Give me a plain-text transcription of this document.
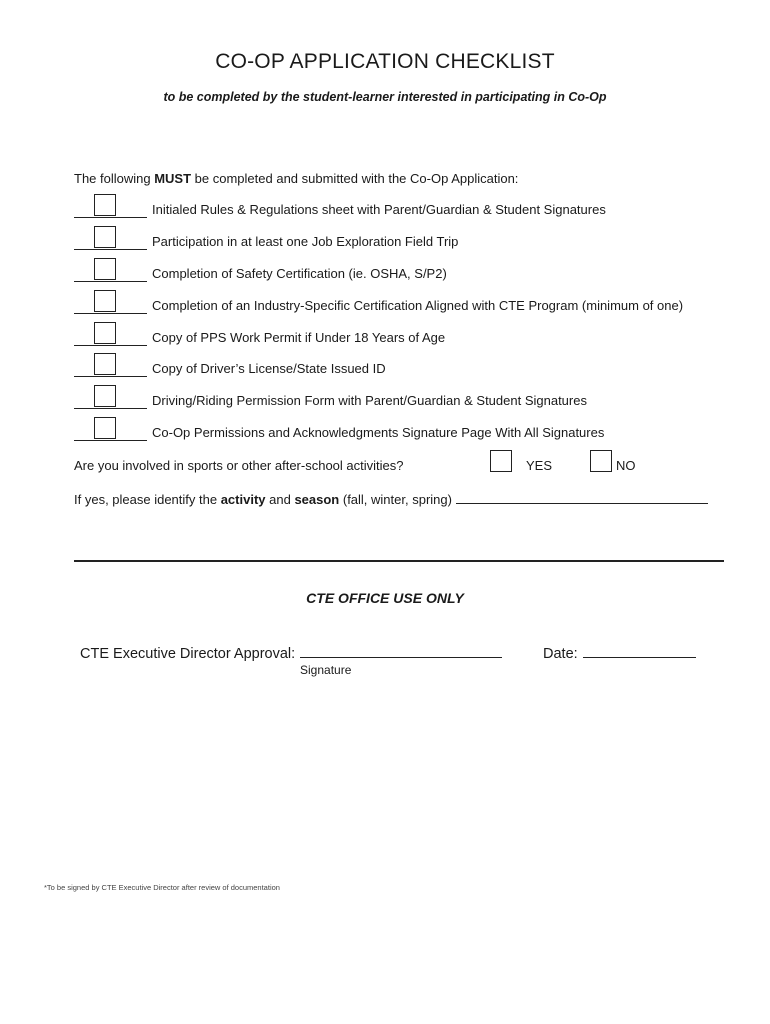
CO-OP APPLICATION CHECKLIST
to be completed by the student-learner interested in participating in Co-Op
The following MUST be completed and submitted with the Co-Op Application:
Initialed Rules & Regulations sheet with Parent/Guardian & Student Signatures
Participation in at least one Job Exploration Field Trip
Completion of Safety Certification (ie. OSHA, S/P2)
Completion of an Industry-Specific Certification Aligned with CTE Program (minimum of one)
Copy of PPS Work Permit if Under 18 Years of Age
Copy of Driver’s License/State Issued ID
Driving/Riding Permission Form with Parent/Guardian & Student Signatures
Co-Op Permissions and Acknowledgments Signature Page With All Signatures
Are you involved in sports or other after-school activities?	YES	NO
If yes, please identify the activity and season (fall, winter, spring)
CTE OFFICE USE ONLY
CTE Executive Director Approval:	Date:
Signature
*To be signed by CTE Executive Director after review of documentation
